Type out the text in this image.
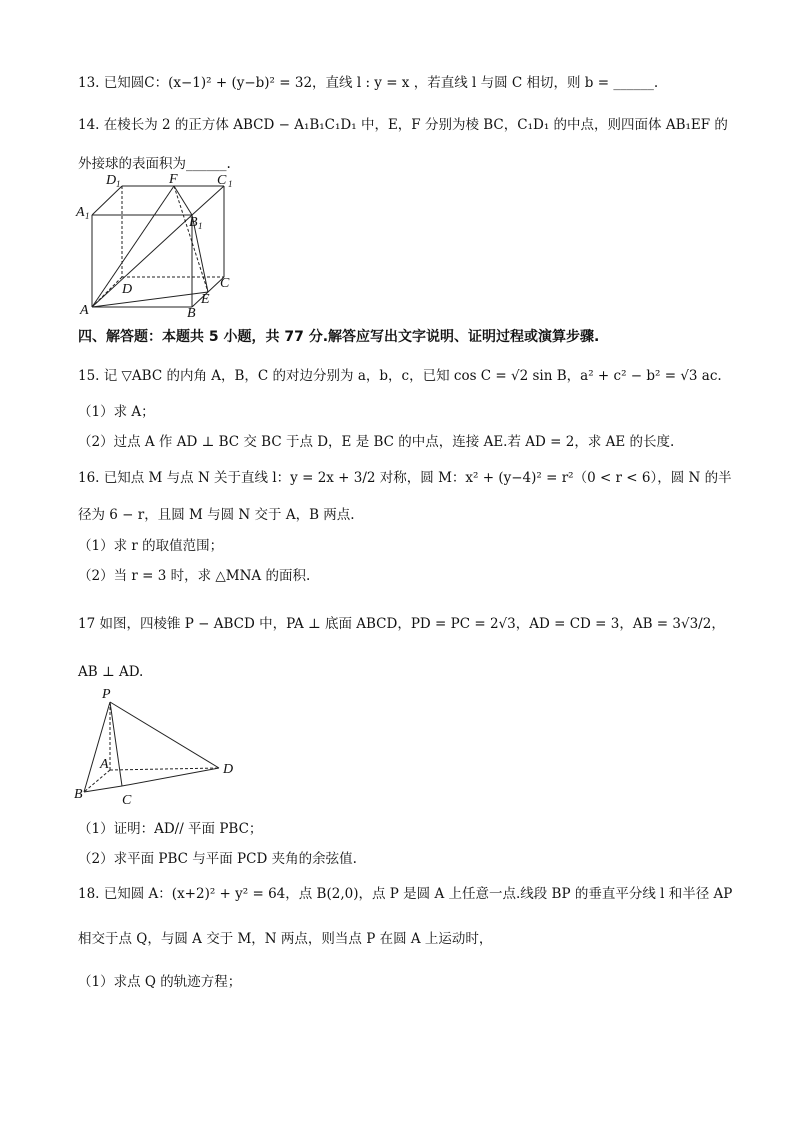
13. 已知圆C：(x−1)² + (y−b)² = 32，直线 l : y = x ，若直线 l 与圆 C 相切，则 b = ______.
14. 在棱长为 2 的正方体 ABCD − A₁B₁C₁D₁ 中，E，F 分别为棱 BC，C₁D₁ 的中点，则四面体 AB₁EF 的
外接球的表面积为______.
D 1	F	C 1
A 1	B 1
D	C
A
E
B
四、解答题：本题共 5 小题，共 77 分.解答应写出文字说明、证明过程或演算步骤.
15. 记 ▽ABC 的内角 A，B，C 的对边分别为 a，b，c，已知 cos C = √2 sin B，a² + c² − b² = √3 ac.
（1）求 A；
（2）过点 A 作 AD ⊥ BC 交 BC 于点 D，E 是 BC 的中点，连接 AE.若 AD = 2，求 AE 的长度.
16. 已知点 M 与点 N 关于直线 l：y = 2x + 3/2 对称，圆 M：x² + (y−4)² = r²（0 < r < 6），圆 N 的半
径为 6 − r，且圆 M 与圆 N 交于 A，B 两点.
（1）求 r 的取值范围；
（2）当 r = 3 时，求 △MNA 的面积.
17 如图，四棱锥 P − ABCD 中，PA ⊥ 底面 ABCD，PD = PC = 2√3，AD = CD = 3，AB = 3√3/2，
AB ⊥ AD.
P
A
B	C
D
（1）证明：AD// 平面 PBC；
（2）求平面 PBC 与平面 PCD 夹角的余弦值.
18. 已知圆 A：(x+2)² + y² = 64，点 B(2,0)，点 P 是圆 A 上任意一点.线段 BP 的垂直平分线 l 和半径 AP
相交于点 Q，与圆 A 交于 M，N 两点，则当点 P 在圆 A 上运动时，
（1）求点 Q 的轨迹方程；
